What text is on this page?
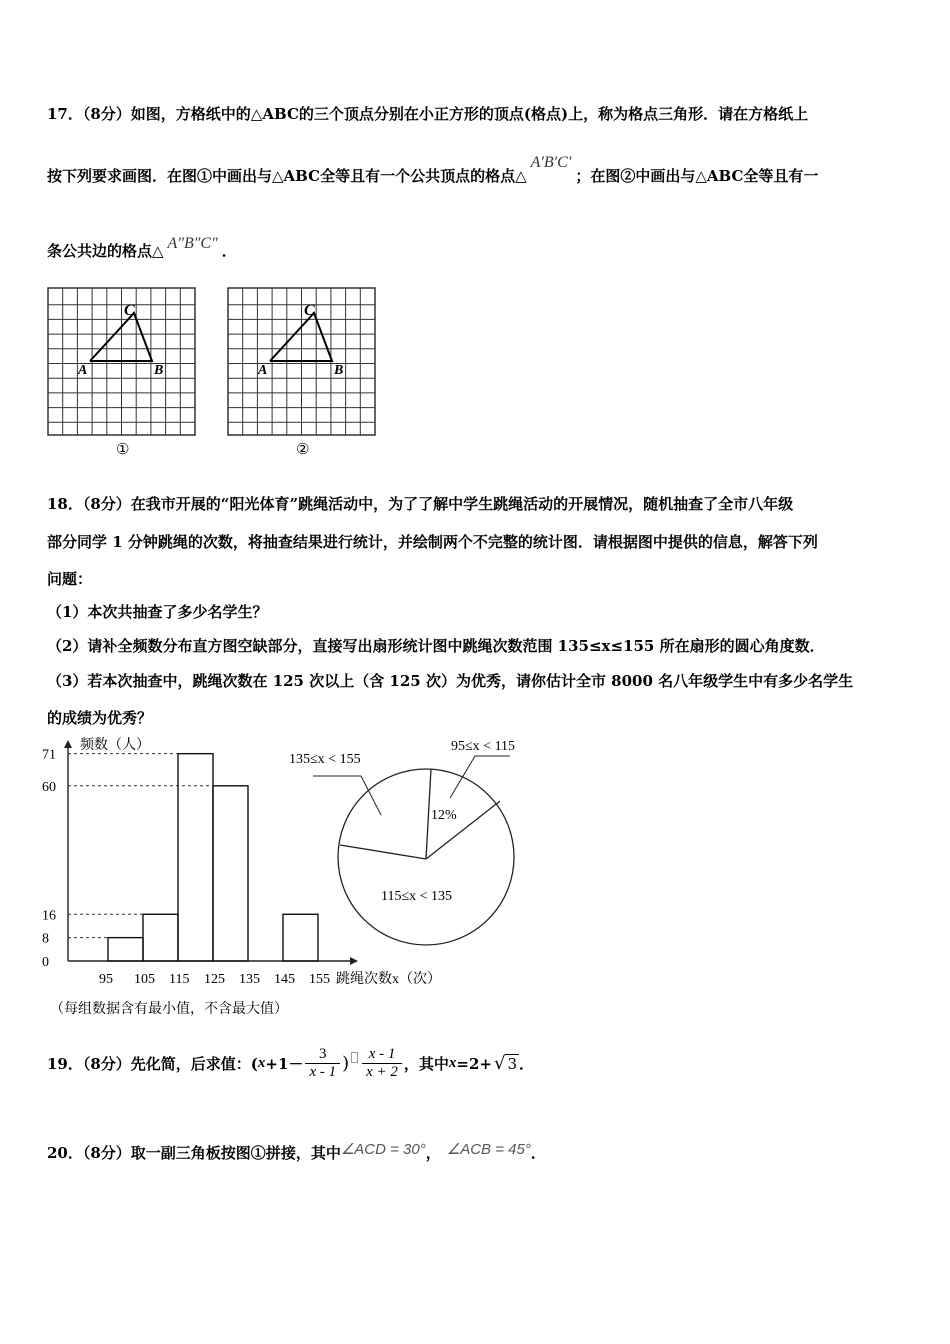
17．（8分）如图，方格纸中的△ABC的三个顶点分别在小正方形的顶点(格点)上，称为格点三角形．请在方格纸上
按下列要求画图．在图①中画出与△ABC全等且有一个公共顶点的格点△A′B′C′；在图②中画出与△ABC全等且有一
条公共边的格点△ A″B″C″ ．
A	B
C
①
A	B
C
②
18．（8分）在我市开展的“阳光体育”跳绳活动中，为了了解中学生跳绳活动的开展情况，随机抽查了全市八年级
部分同学 1 分钟跳绳的次数，将抽查结果进行统计，并绘制两个不完整的统计图．请根据图中提供的信息，解答下列
问题：
（1）本次共抽查了多少名学生？
（2）请补全频数分布直方图空缺部分，直接写出扇形统计图中跳绳次数范围 135≤x≤155 所在扇形的圆心角度数．
（3）若本次抽查中，跳绳次数在 125 次以上（含 125 次）为优秀，请你估计全市 8000 名八年级学生中有多少名学生
的成绩为优秀？
0
8
16
60
71
95 105 115 125 135 145 155
频数（人）
跳绳次数x（次）
（每组数据含有最小值，不含最大值）
135≤x < 155
95≤x < 115
12%
115≤x < 135
19．（8分）先化简，后求值：( $x +1- \frac{3}{x - 1}$ ) $\frac{x - 1}{x + 2}$ ，其中 x =2+ √ 3 ．
20．（8分）取一副三角板按图①拼接，其中∠ACD = 30°， ∠ACB = 45°．
